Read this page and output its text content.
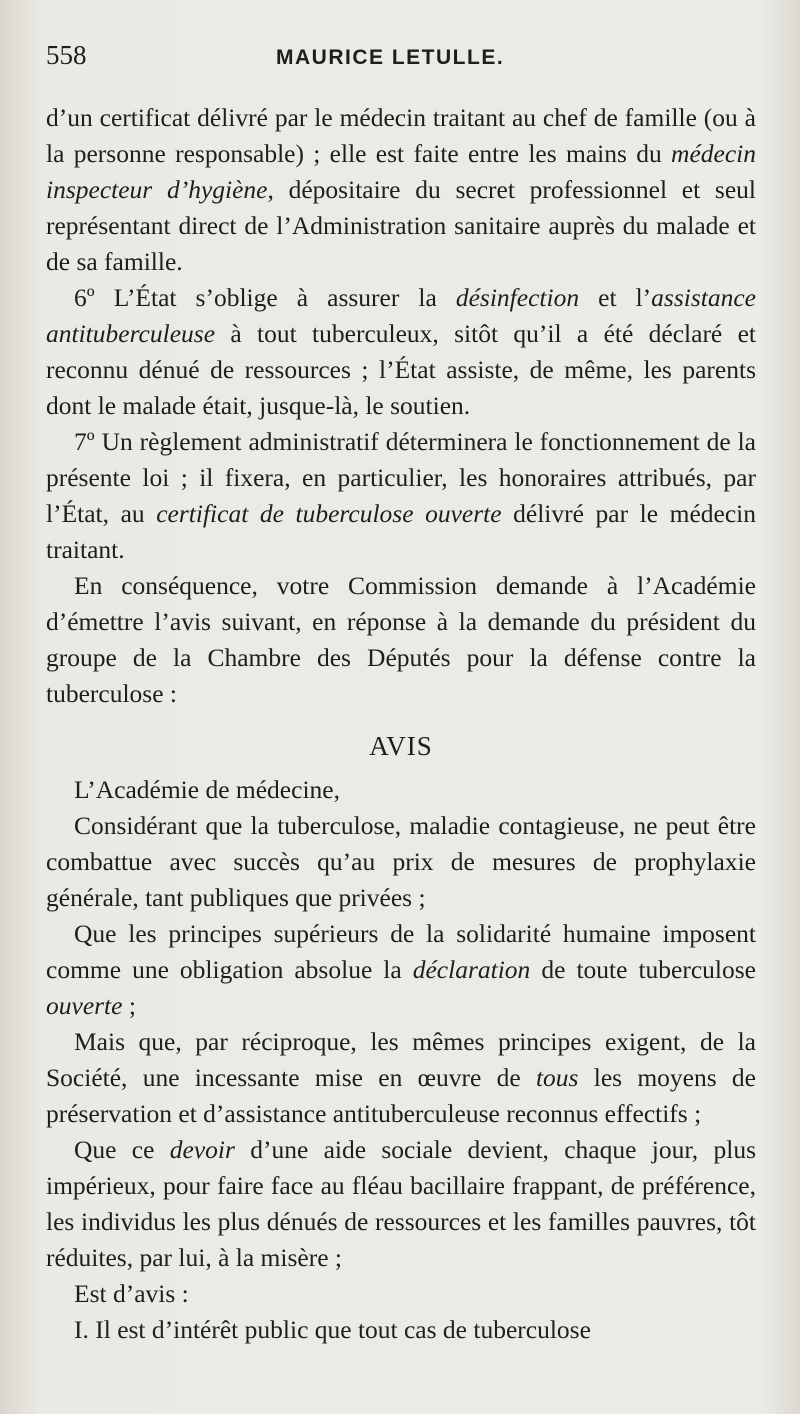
558	MAURICE LETULLE.

d’un certificat délivré par le médecin traitant au chef de famille (ou à la personne responsable) ; elle est faite entre les mains du médecin inspecteur d’hygiène, dépositaire du secret professionnel et seul représentant direct de l’Administration sanitaire auprès du malade et de sa famille.

6º L’État s’oblige à assurer la désinfection et l’assistance antituberculeuse à tout tuberculeux, sitôt qu’il a été déclaré et reconnu dénué de ressources ; l’État assiste, de même, les parents dont le malade était, jusque-là, le soutien.

7º Un règlement administratif déterminera le fonctionnement de la présente loi ; il fixera, en particulier, les honoraires attribués, par l’État, au certificat de tuberculose ouverte délivré par le médecin traitant.

En conséquence, votre Commission demande à l’Académie d’émettre l’avis suivant, en réponse à la demande du président du groupe de la Chambre des Députés pour la défense contre la tuberculose :

AVIS

L’Académie de médecine,

Considérant que la tuberculose, maladie contagieuse, ne peut être combattue avec succès qu’au prix de mesures de prophylaxie générale, tant publiques que privées ;

Que les principes supérieurs de la solidarité humaine imposent comme une obligation absolue la déclaration de toute tuberculose ouverte ;

Mais que, par réciproque, les mêmes principes exigent, de la Société, une incessante mise en œuvre de tous les moyens de préservation et d’assistance antituberculeuse reconnus effectifs ;

Que ce devoir d’une aide sociale devient, chaque jour, plus impérieux, pour faire face au fléau bacillaire frappant, de préférence, les individus les plus dénués de ressources et les familles pauvres, tôt réduites, par lui, à la misère ;

Est d’avis :

I. Il est d’intérêt public que tout cas de tuberculose
